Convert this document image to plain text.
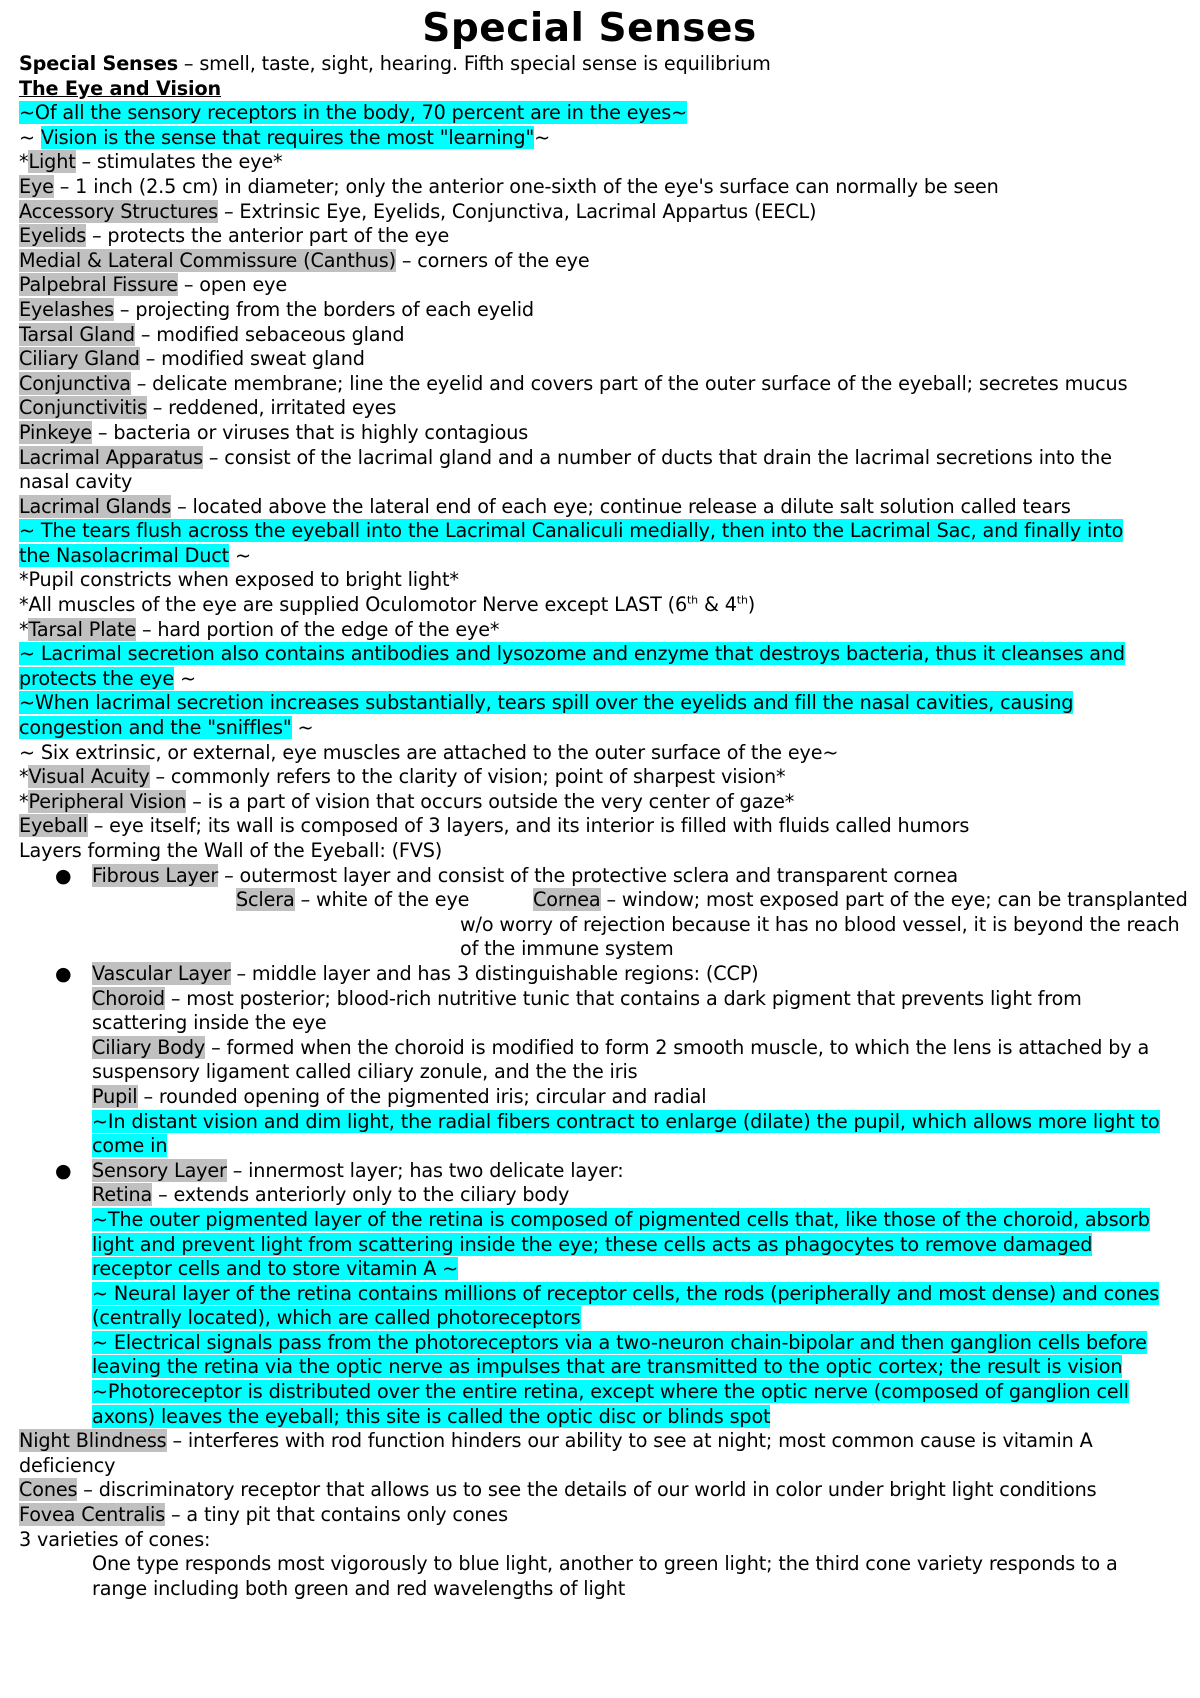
Special Senses

Special Senses – smell, taste, sight, hearing. Fifth special sense is equilibrium

The Eye and Vision

~Of all the sensory receptors in the body, 70 percent are in the eyes~

~ Vision is the sense that requires the most "learning"~

*Light – stimulates the eye*

Eye – 1 inch (2.5 cm) in diameter; only the anterior one-sixth of the eye's surface can normally be seen

Accessory Structures – Extrinsic Eye, Eyelids, Conjunctiva, Lacrimal Appartus (EECL)

Eyelids – protects the anterior part of the eye

Medial & Lateral Commissure (Canthus) – corners of the eye

Palpebral Fissure – open eye

Eyelashes – projecting from the borders of each eyelid

Tarsal Gland – modified sebaceous gland

Ciliary Gland – modified sweat gland

Conjunctiva – delicate membrane; line the eyelid and covers part of the outer surface of the eyeball; secretes mucus

Conjunctivitis – reddened, irritated eyes

Pinkeye – bacteria or viruses that is highly contagious

Lacrimal Apparatus – consist of the lacrimal gland and a number of ducts that drain the lacrimal secretions into the nasal cavity

Lacrimal Glands – located above the lateral end of each eye; continue release a dilute salt solution called tears

~ The tears flush across the eyeball into the Lacrimal Canaliculi medially, then into the Lacrimal Sac, and finally into the Nasolacrimal Duct ~

*Pupil constricts when exposed to bright light*

*All muscles of the eye are supplied Oculomotor Nerve except LAST (6th & 4th)

*Tarsal Plate – hard portion of the edge of the eye*

~ Lacrimal secretion also contains antibodies and lysozome and enzyme that destroys bacteria, thus it cleanses and protects the eye ~

~When lacrimal secretion increases substantially, tears spill over the eyelids and fill the nasal cavities, causing congestion and the "sniffles" ~

~ Six extrinsic, or external, eye muscles are attached to the outer surface of the eye~

*Visual Acuity – commonly refers to the clarity of vision; point of sharpest vision*

*Peripheral Vision – is a part of vision that occurs outside the very center of gaze*

Eyeball – eye itself; its wall is composed of 3 layers, and its interior is filled with fluids called humors

Layers forming the Wall of the Eyeball: (FVS)

● Fibrous Layer – outermost layer and consist of the protective sclera and transparent cornea

Sclera – white of the eye	Cornea – window; most exposed part of the eye; can be transplanted

w/o worry of rejection because it has no blood vessel, it is beyond the reach

of the immune system

● Vascular Layer – middle layer and has 3 distinguishable regions: (CCP)

Choroid – most posterior; blood-rich nutritive tunic that contains a dark pigment that prevents light from scattering inside the eye

Ciliary Body – formed when the choroid is modified to form 2 smooth muscle, to which the lens is attached by a suspensory ligament called ciliary zonule, and the the iris

Pupil – rounded opening of the pigmented iris; circular and radial

~In distant vision and dim light, the radial fibers contract to enlarge (dilate) the pupil, which allows more light to come in

● Sensory Layer – innermost layer; has two delicate layer:

Retina – extends anteriorly only to the ciliary body

~The outer pigmented layer of the retina is composed of pigmented cells that, like those of the choroid, absorb light and prevent light from scattering inside the eye; these cells acts as phagocytes to remove damaged receptor cells and to store vitamin A ~

~ Neural layer of the retina contains millions of receptor cells, the rods (peripherally and most dense) and cones (centrally located), which are called photoreceptors

~ Electrical signals pass from the photoreceptors via a two-neuron chain-bipolar and then ganglion cells before leaving the retina via the optic nerve as impulses that are transmitted to the optic cortex; the result is vision

~Photoreceptor is distributed over the entire retina, except where the optic nerve (composed of ganglion cell axons) leaves the eyeball; this site is called the optic disc or blinds spot

Night Blindness – interferes with rod function hinders our ability to see at night; most common cause is vitamin A deficiency

Cones – discriminatory receptor that allows us to see the details of our world in color under bright light conditions

Fovea Centralis – a tiny pit that contains only cones

3 varieties of cones:

One type responds most vigorously to blue light, another to green light; the third cone variety responds to a range including both green and red wavelengths of light
